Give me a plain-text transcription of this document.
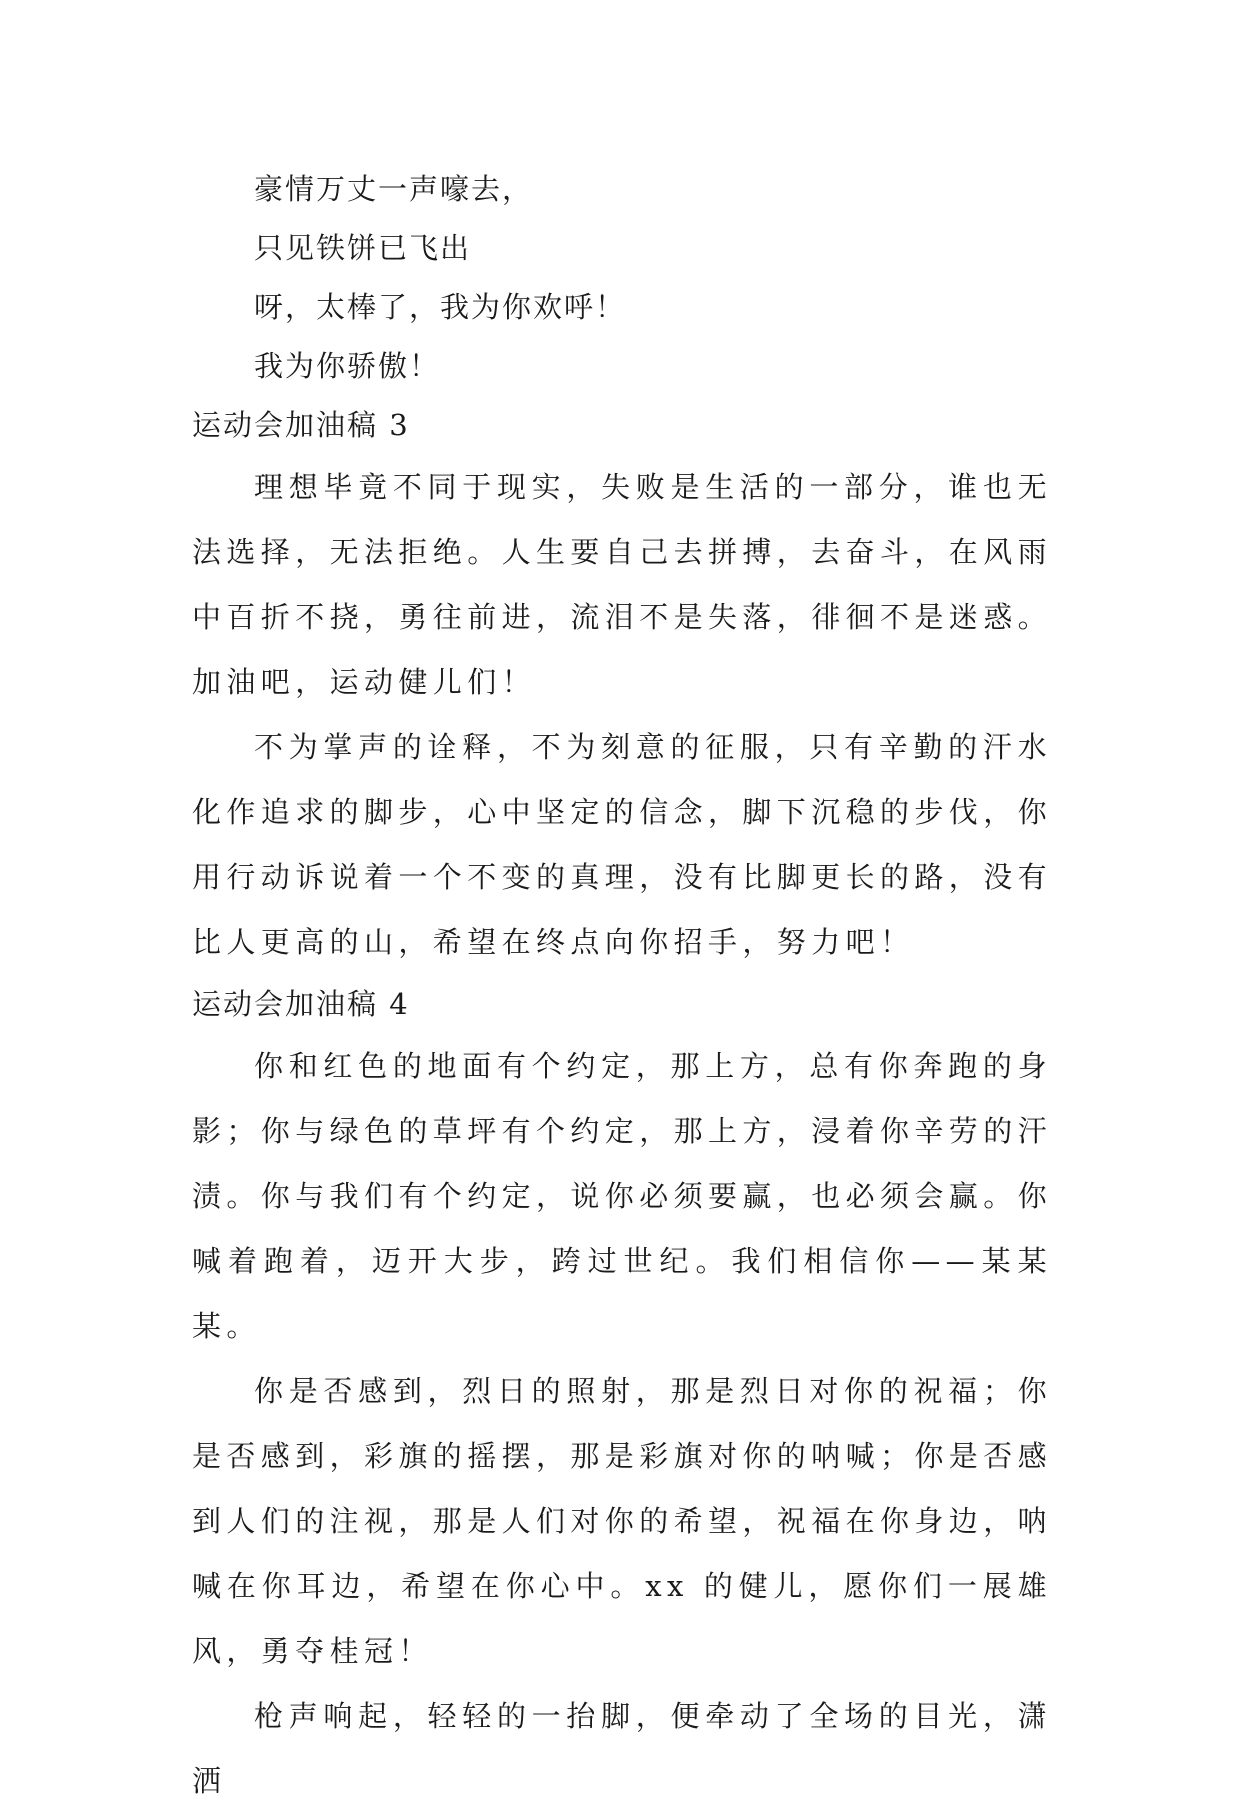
豪情万丈一声嚎去，
只见铁饼已飞出
呀，太棒了，我为你欢呼！
我为你骄傲！
运动会加油稿 3

理想毕竟不同于现实，失败是生活的一部分，谁也无法选择，无法拒绝。人生要自己去拼搏，去奋斗，在风雨中百折不挠，勇往前进，流泪不是失落，徘徊不是迷惑。加油吧，运动健儿们！

不为掌声的诠释，不为刻意的征服，只有辛勤的汗水化作追求的脚步，心中坚定的信念，脚下沉稳的步伐，你用行动诉说着一个不变的真理，没有比脚更长的路，没有比人更高的山，希望在终点向你招手，努力吧！

运动会加油稿 4

你和红色的地面有个约定，那上方，总有你奔跑的身影；你与绿色的草坪有个约定，那上方，浸着你辛劳的汗渍。你与我们有个约定，说你必须要赢，也必须会赢。你喊着跑着，迈开大步，跨过世纪。我们相信你——某某某。

你是否感到，烈日的照射，那是烈日对你的祝福；你是否感到，彩旗的摇摆，那是彩旗对你的呐喊；你是否感到人们的注视，那是人们对你的希望，祝福在你身边，呐喊在你耳边，希望在你心中。xx 的健儿，愿你们一展雄风，勇夺桂冠！

枪声响起，轻轻的一抬脚，便牵动了全场的目光，潇洒
